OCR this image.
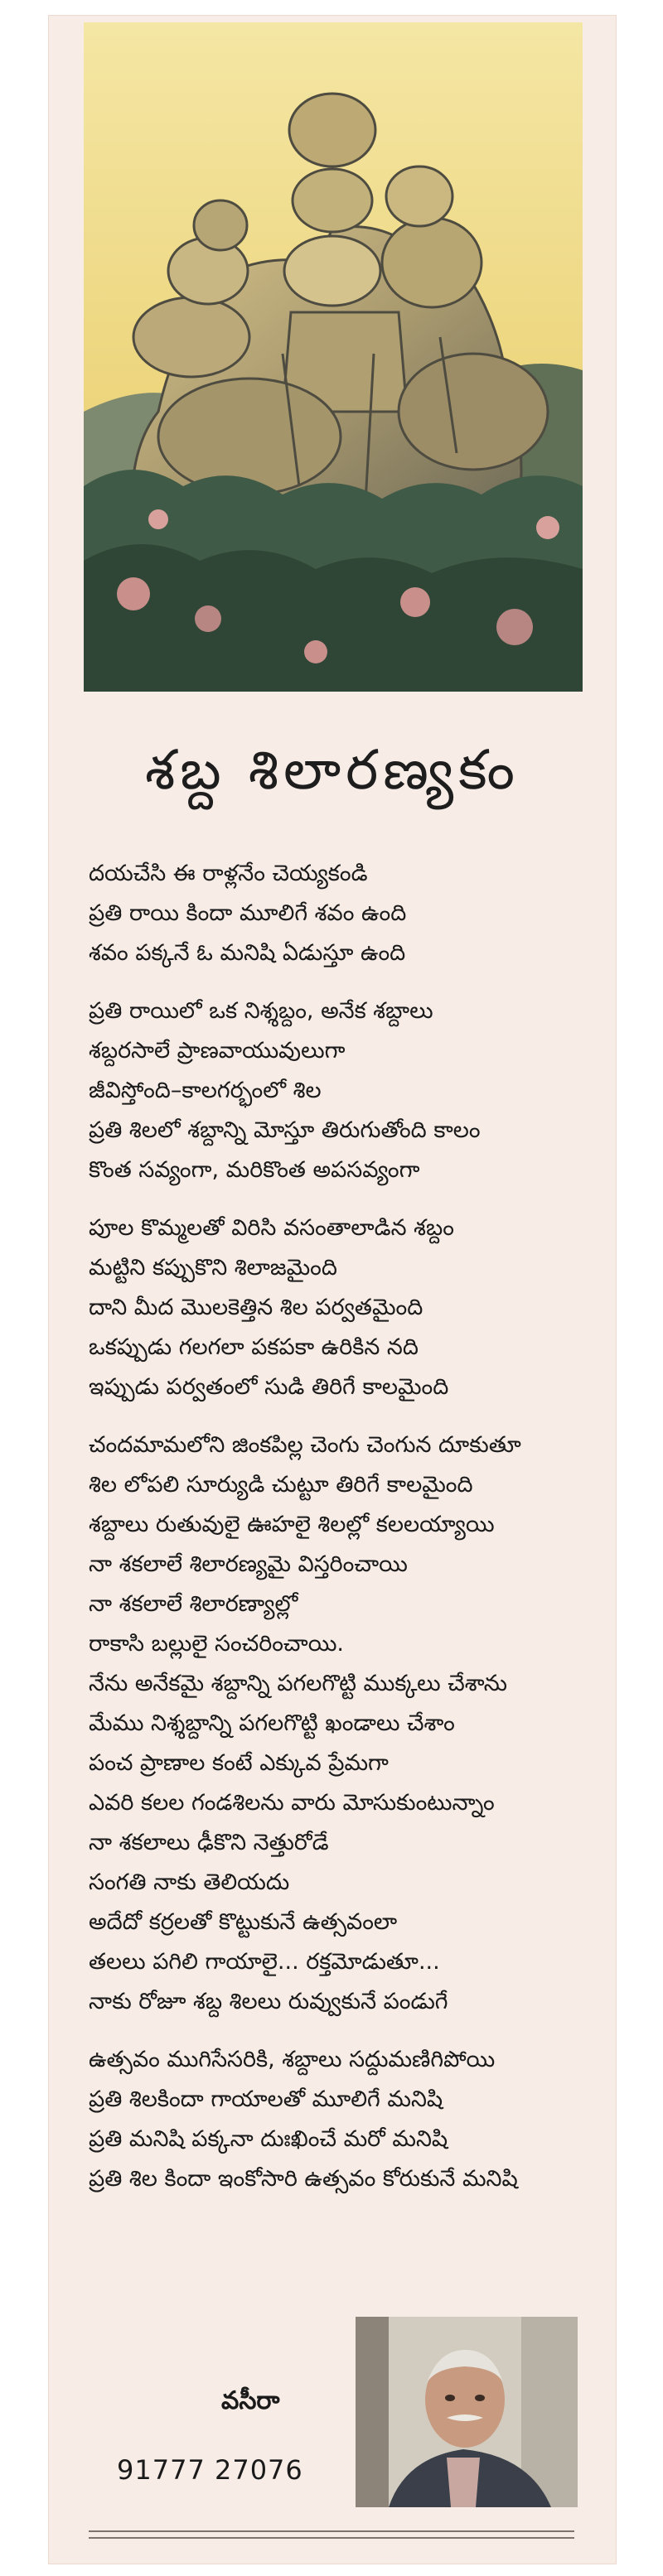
శబ్ద శిలారణ్యకం
దయచేసి ఈ రాళ్లనేం చెయ్యకండి
ప్రతి రాయి కిందా మూలిగే శవం ఉంది
శవం పక్కనే ఓ మనిషి ఏడుస్తూ ఉంది
ప్రతి రాయిలో ఒక నిశ్శబ్దం, అనేక శబ్దాలు
శబ్దరసాలే ప్రాణవాయువులుగా
జీవిస్తోంది–కాలగర్భంలో శిల
ప్రతి శిలలో శబ్దాన్ని మోస్తూ తిరుగుతోంది కాలం
కొంత సవ్యంగా, మరికొంత అపసవ్యంగా
పూల కొమ్మలతో విరిసి వసంతాలాడిన శబ్దం
మట్టిని కప్పుకొని శిలాజమైంది
దాని మీద మొలకెత్తిన శిల పర్వతమైంది
ఒకప్పుడు గలగలా పకపకా ఉరికిన నది
ఇప్పుడు పర్వతంలో సుడి తిరిగే కాలమైంది
చందమామలోని జింకపిల్ల చెంగు చెంగున దూకుతూ
శిల లోపలి సూర్యుడి చుట్టూ తిరిగే కాలమైంది
శబ్దాలు రుతువులై ఊహలై శిలల్లో కలలయ్యాయి
నా శకలాలే శిలారణ్యమై విస్తరించాయి
నా శకలాలే శిలారణ్యాల్లో
రాకాసి బల్లులై సంచరించాయి.
నేను అనేకమై శబ్దాన్ని పగలగొట్టి ముక్కలు చేశాను
మేము నిశ్శబ్దాన్ని పగలగొట్టి ఖండాలు చేశాం
పంచ ప్రాణాల కంటే ఎక్కువ ప్రేమగా
ఎవరి కలల గండశిలను వారు మోసుకుంటున్నాం
నా శకలాలు ఢీకొని నెత్తురోడే
సంగతి నాకు తెలియదు
అదేదో కర్రలతో కొట్టుకునే ఉత్సవంలా
తలలు పగిలి గాయాలై... రక్తమోడుతూ...
నాకు రోజూ శబ్ద శిలలు రువ్వుకునే పండుగే
ఉత్సవం ముగిసేసరికి, శబ్దాలు సద్దుమణిగిపోయి
ప్రతి శిలకిందా గాయాలతో మూలిగే మనిషి
ప్రతి మనిషి పక్కనా దుఃఖించే మరో మనిషి
ప్రతి శిల కిందా ఇంకోసారి ఉత్సవం కోరుకునే మనిషి

వసీరా

91777 27076
